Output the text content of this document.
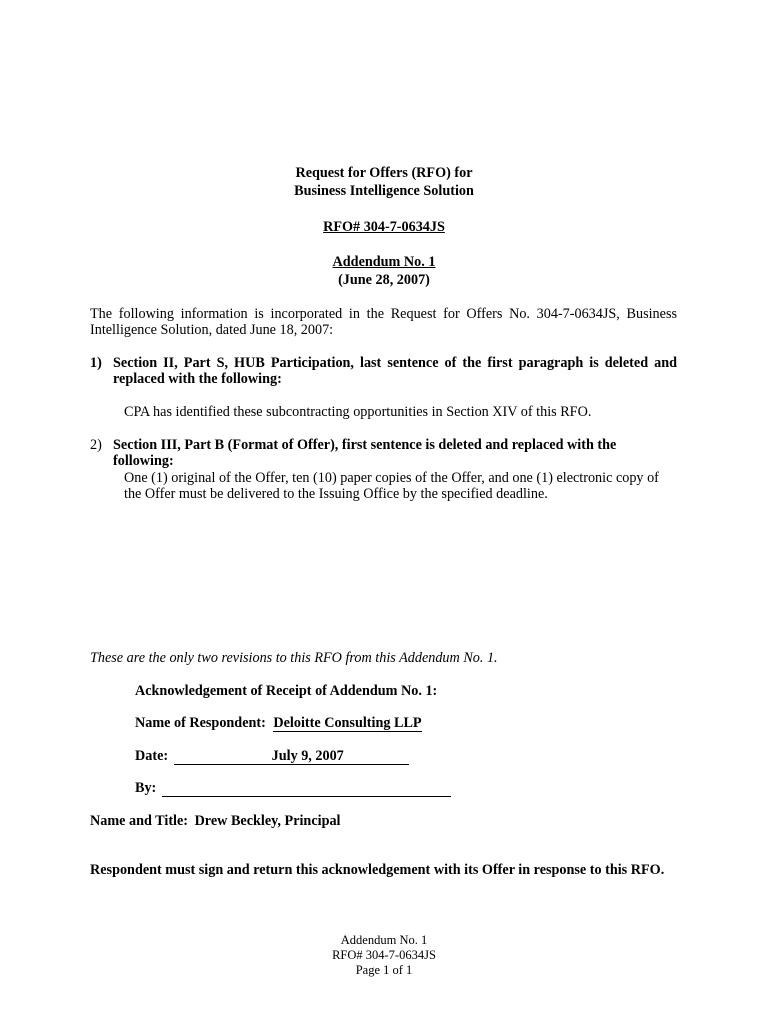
Request for Offers (RFO) for
Business Intelligence Solution
RFO# 304-7-0634JS
Addendum No. 1
(June 28, 2007)
The following information is incorporated in the Request for Offers No. 304-7-0634JS, Business Intelligence Solution, dated June 18, 2007:
1) Section II, Part S, HUB Participation, last sentence of the first paragraph is deleted and replaced with the following:
CPA has identified these subcontracting opportunities in Section XIV of this RFO.
2) Section III, Part B (Format of Offer), first sentence is deleted and replaced with the following:
One (1) original of the Offer, ten (10) paper copies of the Offer, and one (1) electronic copy of the Offer must be delivered to the Issuing Office by the specified deadline.
These are the only two revisions to this RFO from this Addendum No. 1.
Acknowledgement of Receipt of Addendum No. 1:
Name of Respondent: Deloitte Consulting LLP
Date:	July 9, 2007
By:
Name and Title: Drew Beckley, Principal
Respondent must sign and return this acknowledgement with its Offer in response to this RFO.
Addendum No. 1
RFO# 304-7-0634JS
Page 1 of 1
